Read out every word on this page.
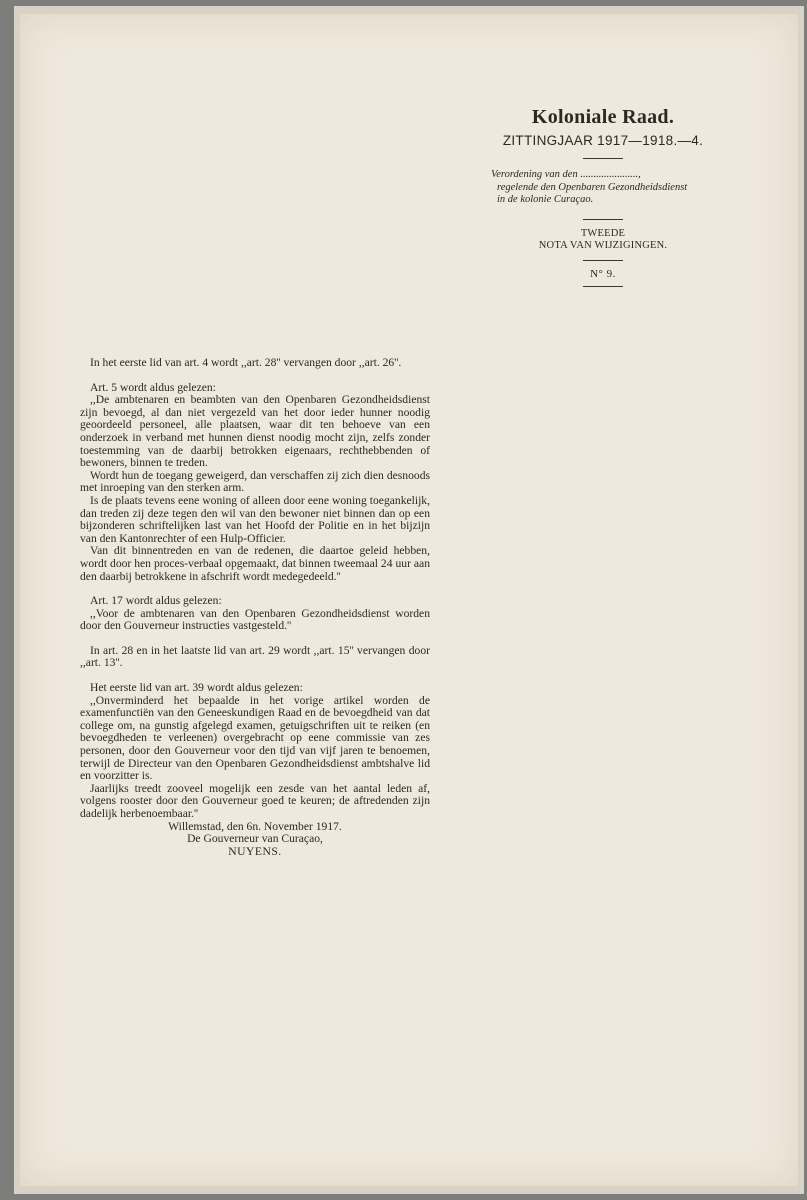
Koloniale Raad.

ZITTINGJAAR 1917—1918.—4.

Verordening van den ......................,
regelende den Openbaren Gezondheidsdienst
in de kolonie Curaçao.
TWEEDE
NOTA VAN WIJZIGINGEN.
N° 9.

In het eerste lid van art. 4 wordt ,,art. 28'' vervangen door ,,art. 26''.

Art. 5 wordt aldus gelezen:

,,De ambtenaren en beambten van den Openbaren Gezondheidsdienst zijn bevoegd, al dan niet vergezeld van het door ieder hunner noodig geoordeeld personeel, alle plaatsen, waar dit ten behoeve van een onderzoek in verband met hunnen dienst noodig mocht zijn, zelfs zonder toestemming van de daarbij betrokken eigenaars, rechthebbenden of bewoners, binnen te treden.

Wordt hun de toegang geweigerd, dan verschaffen zij zich dien desnoods met inroeping van den sterken arm.

Is de plaats tevens eene woning of alleen door eene woning toegankelijk, dan treden zij deze tegen den wil van den bewoner niet binnen dan op een bijzonderen schriftelijken last van het Hoofd der Politie en in het bijzijn van den Kantonrechter of een Hulp-Officier.

Van dit binnentreden en van de redenen, die daartoe geleid hebben, wordt door hen proces-verbaal opgemaakt, dat binnen tweemaal 24 uur aan den daarbij betrokkene in afschrift wordt medegedeeld.''

Art. 17 wordt aldus gelezen:

,,Voor de ambtenaren van den Openbaren Gezondheidsdienst worden door den Gouverneur instructies vastgesteld.''

In art. 28 en in het laatste lid van art. 29 wordt ,,art. 15'' vervangen door ,,art. 13''.

Het eerste lid van art. 39 wordt aldus gelezen:

,,Onverminderd het bepaalde in het vorige artikel worden de examenfunctiën van den Geneeskundigen Raad en de bevoegdheid van dat college om, na gunstig afgelegd examen, getuigschriften uit te reiken (en bevoegdheden te verleenen) overgebracht op eene commissie van zes personen, door den Gouverneur voor den tijd van vijf jaren te benoemen, terwijl de Directeur van den Openbaren Gezondheidsdienst ambtshalve lid en voorzitter is.

Jaarlijks treedt zooveel mogelijk een zesde van het aantal leden af, volgens rooster door den Gouverneur goed te keuren; de aftredenden zijn dadelijk herbenoembaar.''

Willemstad, den 6n. November 1917.

De Gouverneur van Curaçao,

NUYENS.
